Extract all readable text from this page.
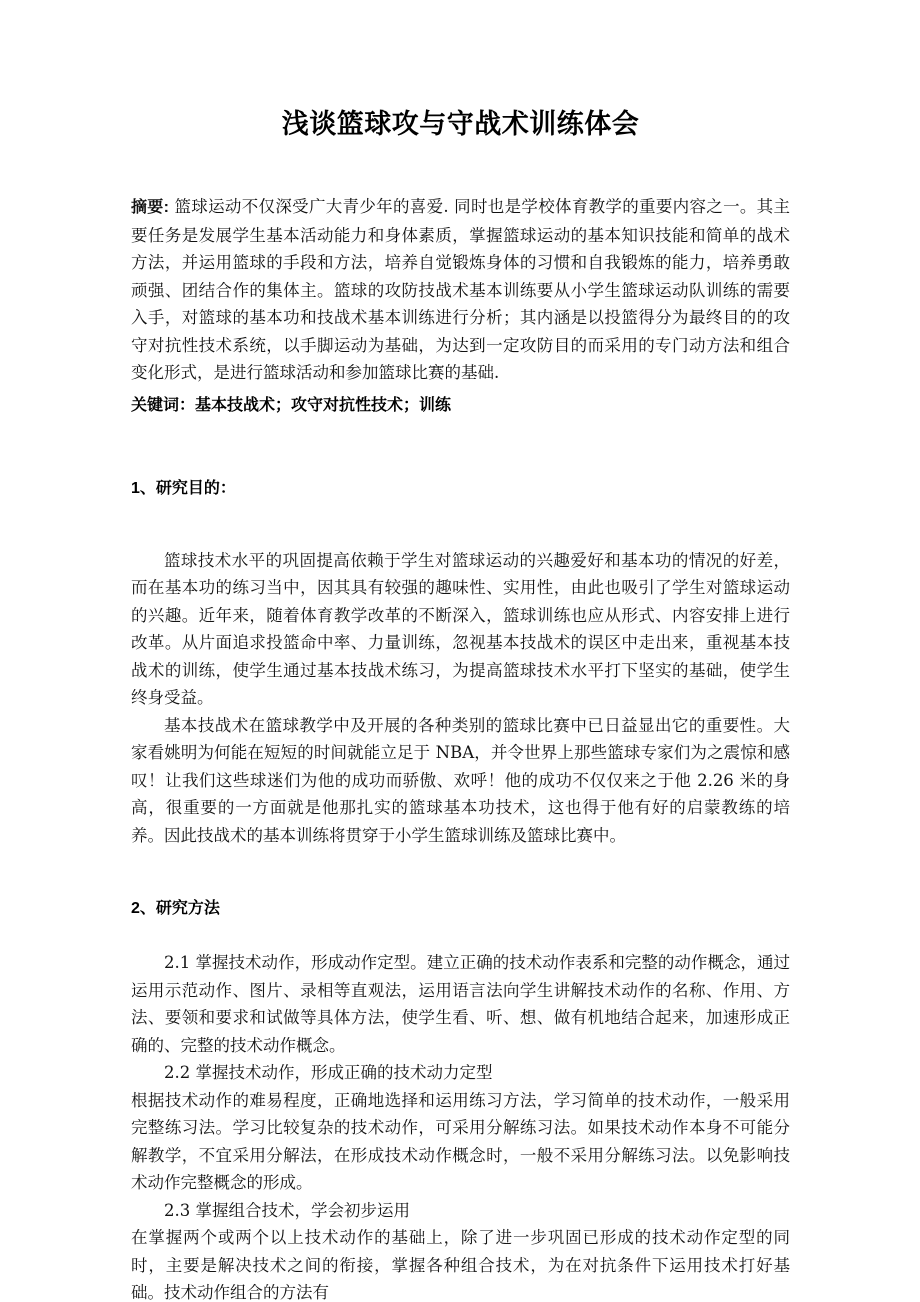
浅谈篮球攻与守战术训练体会

摘要: 篮球运动不仅深受广大青少年的喜爱. 同时也是学校体育教学的重要内容之一。其主要任务是发展学生基本活动能力和身体素质，掌握篮球运动的基本知识技能和简单的战术方法，并运用篮球的手段和方法，培养自觉锻炼身体的习惯和自我锻炼的能力，培养勇敢顽强、团结合作的集体主。篮球的攻防技战术基本训练要从小学生篮球运动队训练的需要入手，对篮球的基本功和技战术基本训练进行分析；其内涵是以投篮得分为最终目的的攻守对抗性技术系统，以手脚运动为基础，为达到一定攻防目的而采用的专门动方法和组合变化形式，是进行篮球活动和参加篮球比赛的基础.

关键词：基本技战术；攻守对抗性技术；训练

1、研究目的：

篮球技术水平的巩固提高依赖于学生对篮球运动的兴趣爱好和基本功的情况的好差，而在基本功的练习当中，因其具有较强的趣味性、实用性，由此也吸引了学生对篮球运动的兴趣。近年来，随着体育教学改革的不断深入，篮球训练也应从形式、内容安排上进行改革。从片面追求投篮命中率、力量训练，忽视基本技战术的误区中走出来，重视基本技战术的训练，使学生通过基本技战术练习，为提高篮球技术水平打下坚实的基础，使学生终身受益。

基本技战术在篮球教学中及开展的各种类别的篮球比赛中已日益显出它的重要性。大家看姚明为何能在短短的时间就能立足于 NBA，并令世界上那些篮球专家们为之震惊和感叹！让我们这些球迷们为他的成功而骄傲、欢呼！他的成功不仅仅来之于他 2.26 米的身高，很重要的一方面就是他那扎实的篮球基本功技术，这也得于他有好的启蒙教练的培养。因此技战术的基本训练将贯穿于小学生篮球训练及篮球比赛中。

2、研究方法

2.1 掌握技术动作，形成动作定型。建立正确的技术动作表系和完整的动作概念，通过运用示范动作、图片、录相等直观法，运用语言法向学生讲解技术动作的名称、作用、方法、要领和要求和试做等具体方法，使学生看、听、想、做有机地结合起来，加速形成正确的、完整的技术动作概念。

2.2 掌握技术动作，形成正确的技术动力定型

根据技术动作的难易程度，正确地选择和运用练习方法，学习简单的技术动作，一般采用完整练习法。学习比较复杂的技术动作，可采用分解练习法。如果技术动作本身不可能分解教学，不宜采用分解法，在形成技术动作概念时，一般不采用分解练习法。以免影响技术动作完整概念的形成。

2.3 掌握组合技术，学会初步运用

在掌握两个或两个以上技术动作的基础上，除了进一步巩固已形成的技术动作定型的同时，主要是解决技术之间的衔接，掌握各种组合技术，为在对抗条件下运用技术打好基础。技术动作组合的方法有
